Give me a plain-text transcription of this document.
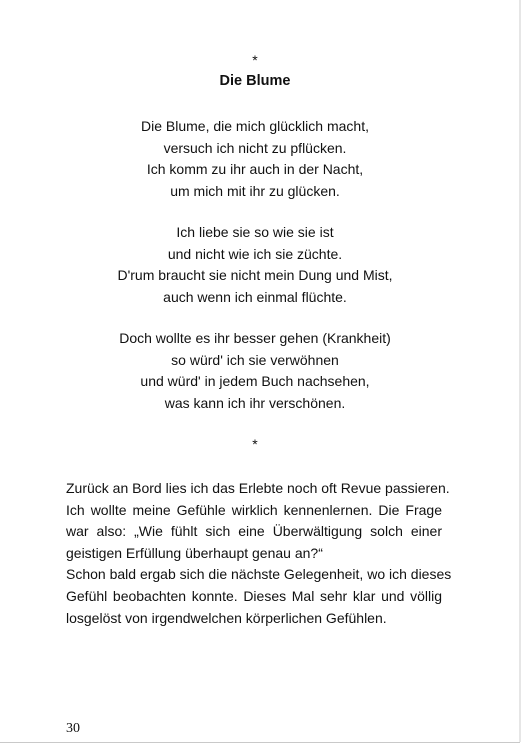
*
Die Blume
Die Blume, die mich glücklich macht,
versuch ich nicht zu pflücken.
Ich komm zu ihr auch in der Nacht,
um mich mit ihr zu glücken.
Ich liebe sie so wie sie ist
und nicht wie ich sie züchte.
D'rum braucht sie nicht mein Dung und Mist,
auch wenn ich einmal flüchte.
Doch wollte es ihr besser gehen (Krankheit)
so würd' ich sie verwöhnen
und würd' in jedem Buch nachsehen,
was kann ich ihr verschönen.
*
Zurück an Bord lies ich das Erlebte noch oft Revue passieren.
Ich wollte meine Gefühle wirklich kennenlernen. Die Frage
war also: „Wie fühlt sich eine Überwältigung solch einer
geistigen Erfüllung überhaupt genau an?“
Schon bald ergab sich die nächste Gelegenheit, wo ich dieses
Gefühl beobachten konnte. Dieses Mal sehr klar und völlig
losgelöst von irgendwelchen körperlichen Gefühlen.
30
